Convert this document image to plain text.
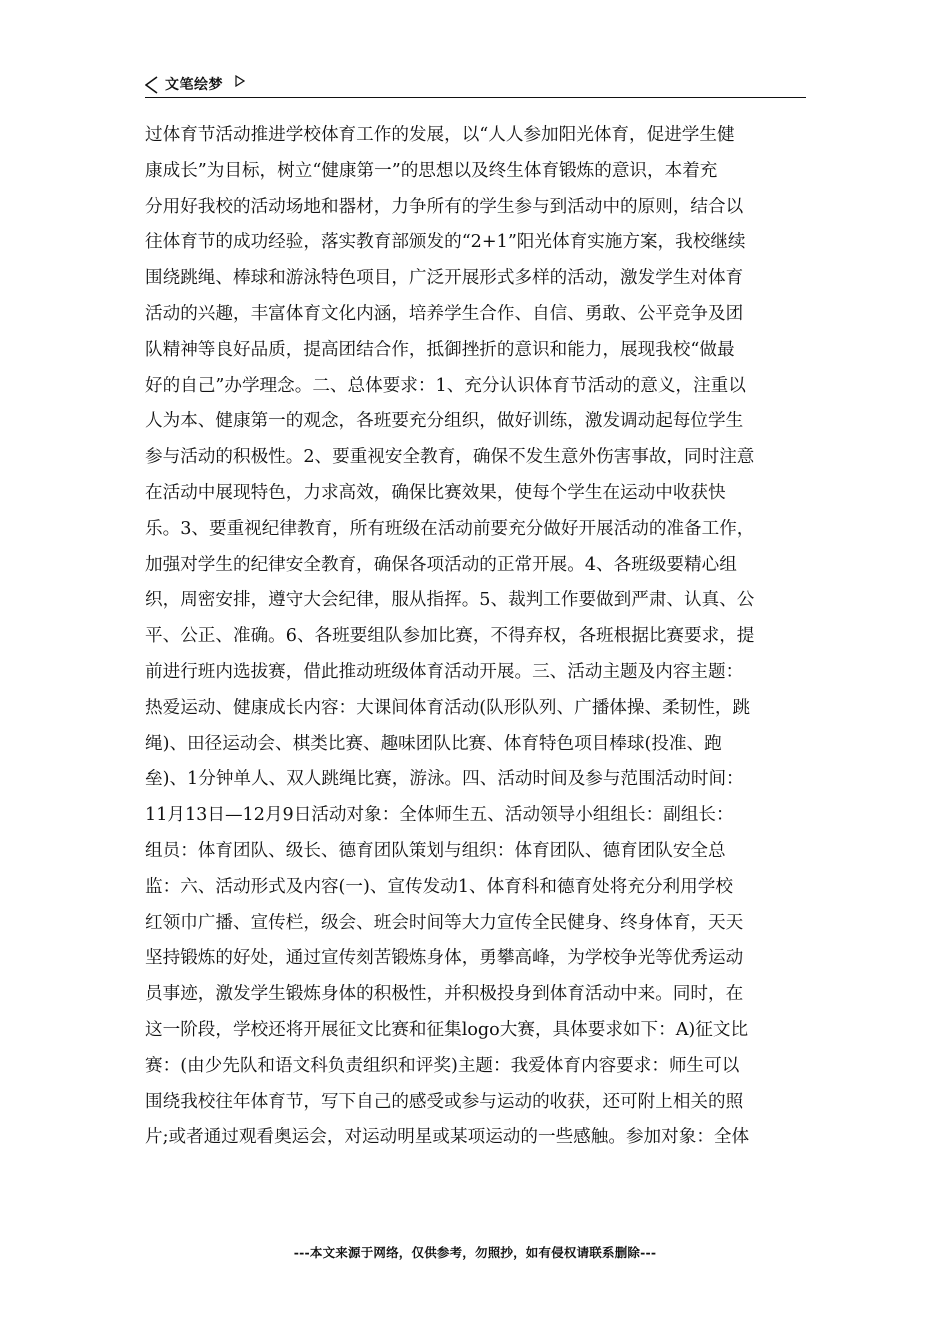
文笔绘梦
过体育节活动推进学校体育工作的发展，以“人人参加阳光体育，促进学生健
康成长”为目标，树立“健康第一”的思想以及终生体育锻炼的意识，本着充
分用好我校的活动场地和器材，力争所有的学生参与到活动中的原则，结合以
往体育节的成功经验，落实教育部颁发的“2+1”阳光体育实施方案，我校继续
围绕跳绳、棒球和游泳特色项目，广泛开展形式多样的活动，激发学生对体育
活动的兴趣，丰富体育文化内涵，培养学生合作、自信、勇敢、公平竞争及团
队精神等良好品质，提高团结合作，抵御挫折的意识和能力，展现我校“做最
好的自己”办学理念。二、总体要求：1、充分认识体育节活动的意义，注重以
人为本、健康第一的观念，各班要充分组织，做好训练，激发调动起每位学生
参与活动的积极性。2、要重视安全教育，确保不发生意外伤害事故，同时注意
在活动中展现特色，力求高效，确保比赛效果，使每个学生在运动中收获快
乐。3、要重视纪律教育，所有班级在活动前要充分做好开展活动的准备工作，
加强对学生的纪律安全教育，确保各项活动的正常开展。4、各班级要精心组
织，周密安排，遵守大会纪律，服从指挥。5、裁判工作要做到严肃、认真、公
平、公正、准确。6、各班要组队参加比赛，不得弃权，各班根据比赛要求，提
前进行班内选拔赛，借此推动班级体育活动开展。三、活动主题及内容主题：
热爱运动、健康成长内容：大课间体育活动(队形队列、广播体操、柔韧性，跳
绳)、田径运动会、棋类比赛、趣味团队比赛、体育特色项目棒球(投准、跑
垒)、1分钟单人、双人跳绳比赛，游泳。四、活动时间及参与范围活动时间：
11月13日—12月9日活动对象：全体师生五、活动领导小组组长：副组长：
组员：体育团队、级长、德育团队策划与组织：体育团队、德育团队安全总
监：六、活动形式及内容(一)、宣传发动1、体育科和德育处将充分利用学校
红领巾广播、宣传栏，级会、班会时间等大力宣传全民健身、终身体育，天天
坚持锻炼的好处，通过宣传刻苦锻炼身体，勇攀高峰，为学校争光等优秀运动
员事迹，激发学生锻炼身体的积极性，并积极投身到体育活动中来。同时，在
这一阶段，学校还将开展征文比赛和征集logo大赛，具体要求如下：A)征文比
赛：(由少先队和语文科负责组织和评奖)主题：我爱体育内容要求：师生可以
围绕我校往年体育节，写下自己的感受或参与运动的收获，还可附上相关的照
片;或者通过观看奥运会，对运动明星或某项运动的一些感触。参加对象：全体
---本文来源于网络，仅供参考，勿照抄，如有侵权请联系删除---
